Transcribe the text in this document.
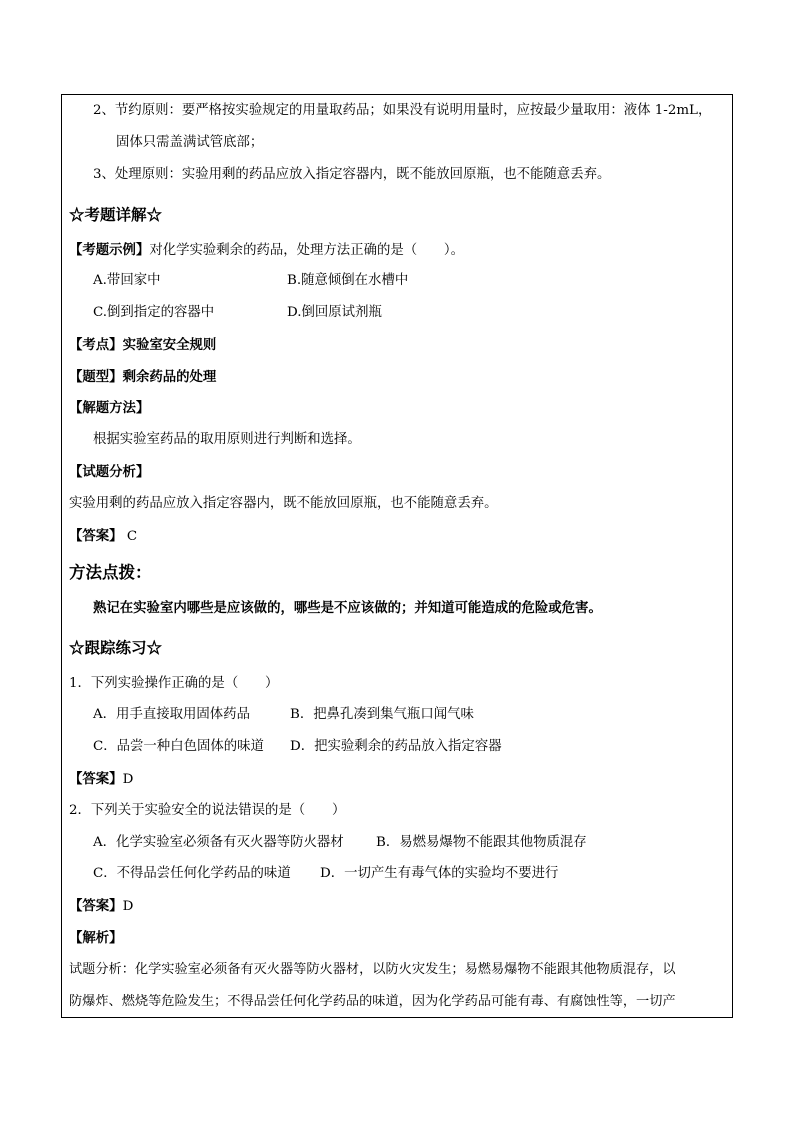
2、节约原则：要严格按实验规定的用量取药品；如果没有说明用量时，应按最少量取用：液体 1-2mL，
固体只需盖满试管底部；
3、处理原则：实验用剩的药品应放入指定容器内，既不能放回原瓶，也不能随意丢弃。
☆考题详解☆
【考题示例】对化学实验剩余的药品，处理方法正确的是（　　）。
A.带回家中	B.随意倾倒在水槽中
C.倒到指定的容器中	D.倒回原试剂瓶
【考点】实验室安全规则
【题型】剩余药品的处理
【解题方法】
根据实验室药品的取用原则进行判断和选择。
【试题分析】
实验用剩的药品应放入指定容器内，既不能放回原瓶，也不能随意丢弃。
【答案】 C
方法点拨：
熟记在实验室内哪些是应该做的，哪些是不应该做的；并知道可能造成的危险或危害。
☆跟踪练习☆
1．下列实验操作正确的是（　　）
A．用手直接取用固体药品	B．把鼻孔凑到集气瓶口闻气味
C．品尝一种白色固体的味道 D．把实验剩余的药品放入指定容器
【答案】D
2．下列关于实验安全的说法错误的是（　　）
A．化学实验室必须备有灭火器等防火器材 B．易燃易爆物不能跟其他物质混存
C．不得品尝任何化学药品的味道 D．一切产生有毒气体的实验均不要进行
【答案】D
【解析】
试题分析：化学实验室必须备有灭火器等防火器材，以防火灾发生；易燃易爆物不能跟其他物质混存，以
防爆炸、燃烧等危险发生；不得品尝任何化学药品的味道，因为化学药品可能有毒、有腐蚀性等，一切产
